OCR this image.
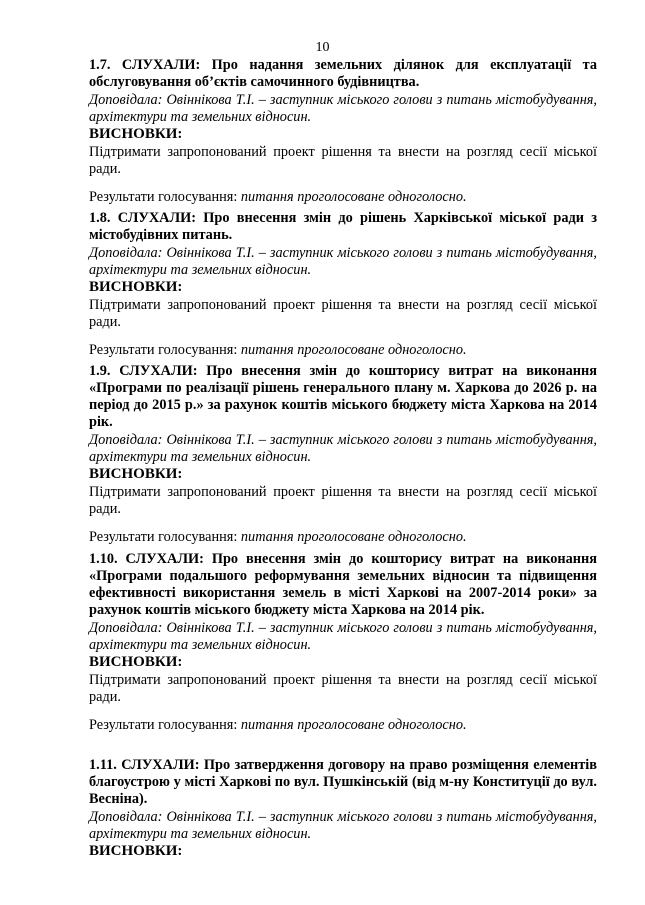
10
1.7. СЛУХАЛИ: Про надання земельних ділянок для експлуатації та обслуговування об’єктів самочинного будівництва.
Доповідала: Овіннікова Т.І. – заступник міського голови з питань містобудування, архітектури та земельних відносин.
ВИСНОВКИ:
Підтримати запропонований проект рішення та внести на розгляд сесії міської ради.
Результати голосування: питання проголосоване одноголосно.
1.8. СЛУХАЛИ: Про внесення змін до рішень Харківської міської ради з містобудівних питань.
Доповідала: Овіннікова Т.І. – заступник міського голови з питань містобудування, архітектури та земельних відносин.
ВИСНОВКИ:
Підтримати запропонований проект рішення та внести на розгляд сесії міської ради.
Результати голосування: питання проголосоване одноголосно.
1.9. СЛУХАЛИ: Про внесення змін до кошторису витрат на виконання «Програми по реалізації рішень генерального плану м. Харкова до 2026 р. на період до 2015 р.» за рахунок коштів міського бюджету міста Харкова на 2014 рік.
Доповідала: Овіннікова Т.І. – заступник міського голови з питань містобудування, архітектури та земельних відносин.
ВИСНОВКИ:
Підтримати запропонований проект рішення та внести на розгляд сесії міської ради.
Результати голосування: питання проголосоване одноголосно.
1.10. СЛУХАЛИ: Про внесення змін до кошторису витрат на виконання «Програми подальшого реформування земельних відносин та підвищення ефективності використання земель в місті Харкові на 2007-2014 роки» за рахунок коштів міського бюджету міста Харкова на 2014 рік.
Доповідала: Овіннікова Т.І. – заступник міського голови з питань містобудування, архітектури та земельних відносин.
ВИСНОВКИ:
Підтримати запропонований проект рішення та внести на розгляд сесії міської ради.
Результати голосування: питання проголосоване одноголосно.
1.11. СЛУХАЛИ: Про затвердження договору на право розміщення елементів благоустрою у місті Харкові по вул. Пушкінській (від м-ну Конституції до вул. Весніна).
Доповідала: Овіннікова Т.І. – заступник міського голови з питань містобудування, архітектури та земельних відносин.
ВИСНОВКИ:
